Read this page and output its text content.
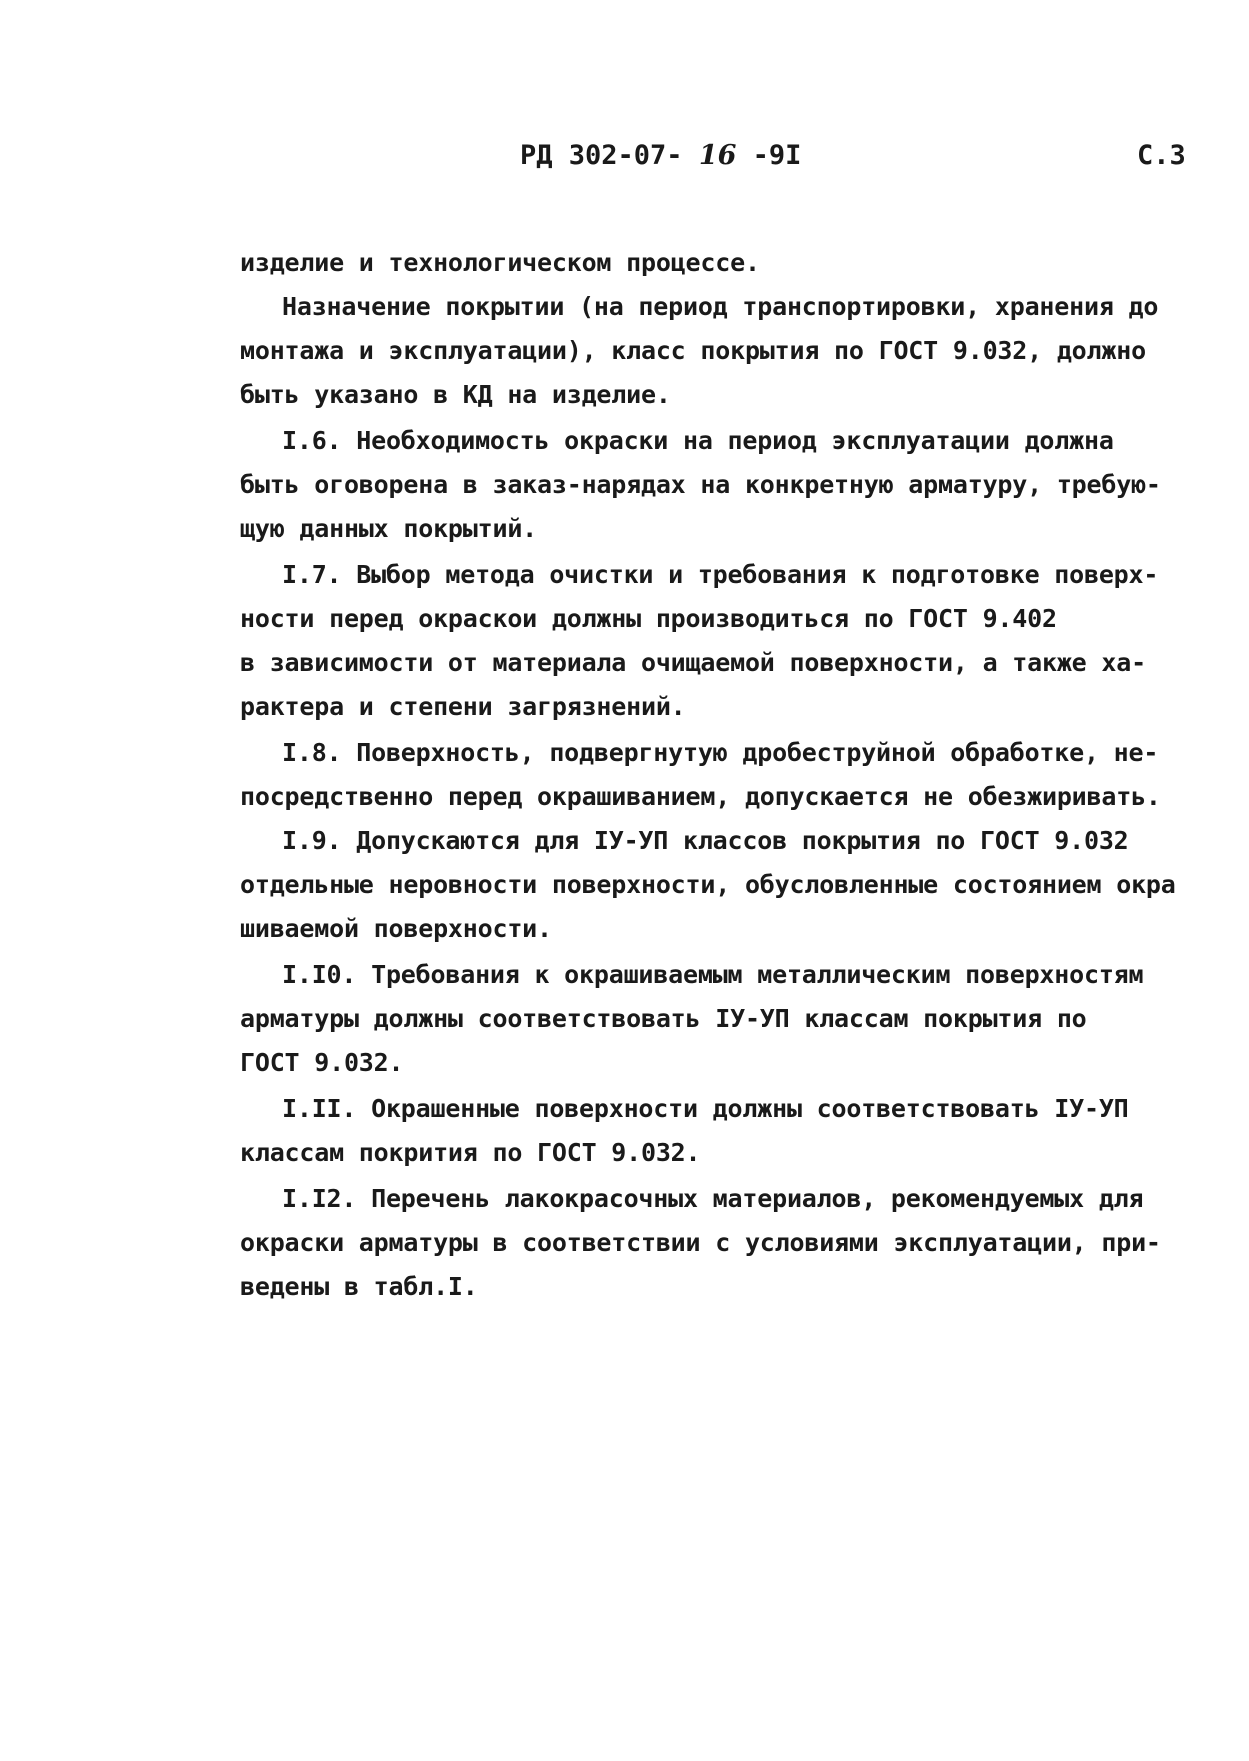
РД 302-07- 16 -9I	С.3
изделие и технологическом процессе.
Назначение покрытии (на период транспортировки, хранения до
монтажа и эксплуатации), класс покрытия по ГОСТ 9.032, должно
быть указано в КД на изделие.
I.6. Необходимость окраски на период эксплуатации должна
быть оговорена в заказ-нарядах на конкретную арматуру, требую-
щую данных покрытий.
I.7. Выбор метода очистки и требования к подготовке поверх-
ности перед окраскои должны производиться по ГОСТ 9.402
в зависимости от материала очищаемой поверхности, а также ха-
рактера и степени загрязнений.
I.8. Поверхность, подвергнутую дробеструйной обработке, не-
посредственно перед окрашиванием, допускается не обезжиривать.
I.9. Допускаются для IУ-УП классов покрытия по ГОСТ 9.032
отдельные неровности поверхности, обусловленные состоянием окра
шиваемой поверхности.
I.I0. Требования к окрашиваемым металлическим поверхностям
арматуры должны соответствовать IУ-УП классам покрытия по
ГОСТ 9.032.
I.II. Окрашенные поверхности должны соответствовать IУ-УП
классам покрития по ГОСТ 9.032.
I.I2. Перечень лакокрасочных материалов, рекомендуемых для
окраски арматуры в соответствии с условиями эксплуатации, при-
ведены в табл.I.
